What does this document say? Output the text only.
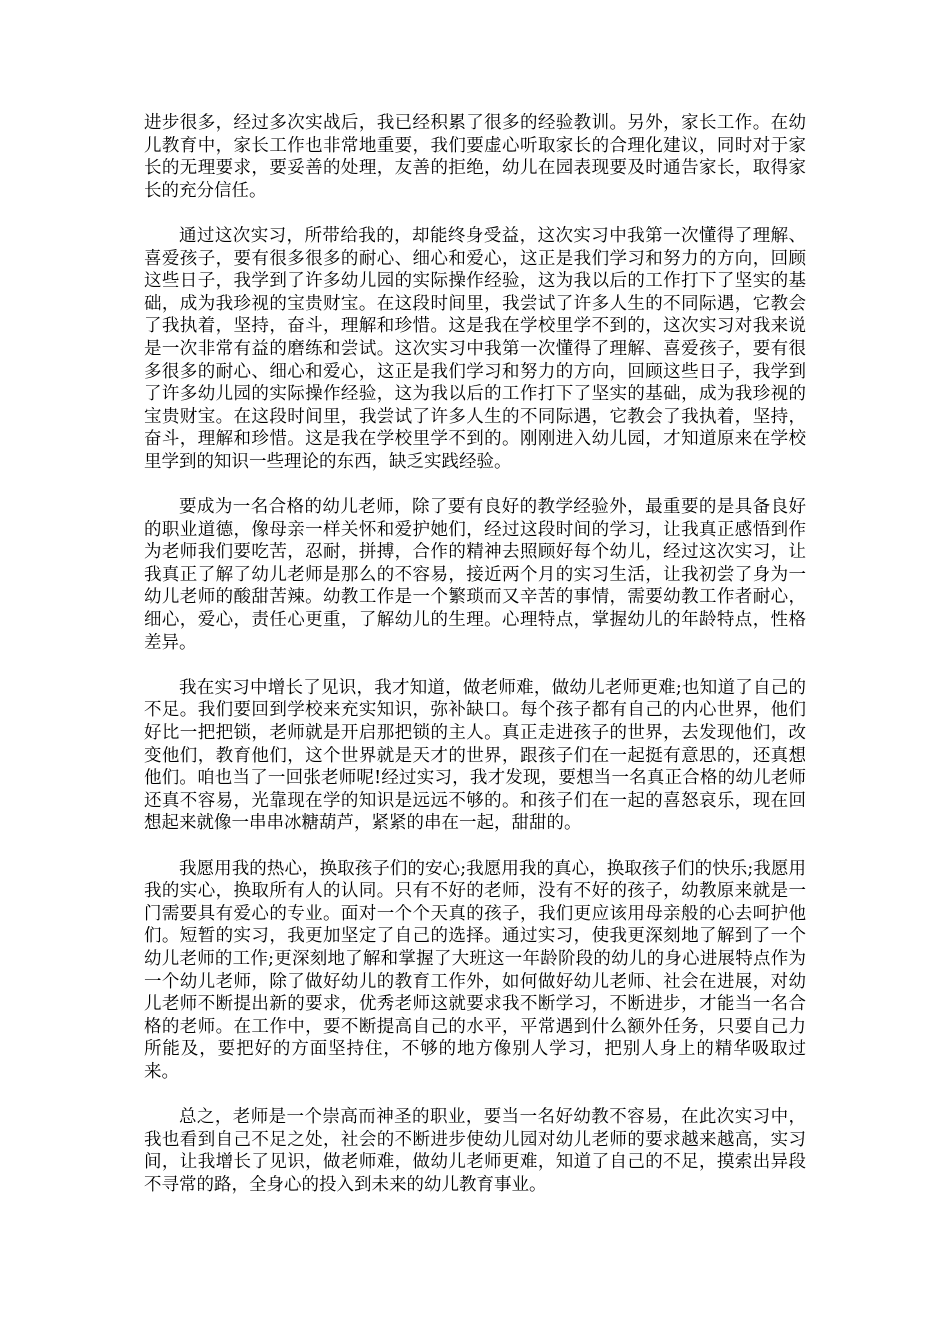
进步很多，经过多次实战后，我已经积累了很多的经验教训。另外，家长工作。在幼儿教育中，家长工作也非常地重要，我们要虚心听取家长的合理化建议，同时对于家长的无理要求，要妥善的处理，友善的拒绝，幼儿在园表现要及时通告家长，取得家长的充分信任。

通过这次实习，所带给我的，却能终身受益，这次实习中我第一次懂得了理解、喜爱孩子，要有很多很多的耐心、细心和爱心，这正是我们学习和努力的方向，回顾这些日子，我学到了许多幼儿园的实际操作经验，这为我以后的工作打下了坚实的基础，成为我珍视的宝贵财宝。在这段时间里，我尝试了许多人生的不同际遇，它教会了我执着，坚持，奋斗，理解和珍惜。这是我在学校里学不到的，这次实习对我来说是一次非常有益的磨练和尝试。这次实习中我第一次懂得了理解、喜爱孩子，要有很多很多的耐心、细心和爱心，这正是我们学习和努力的方向，回顾这些日子，我学到了许多幼儿园的实际操作经验，这为我以后的工作打下了坚实的基础，成为我珍视的宝贵财宝。在这段时间里，我尝试了许多人生的不同际遇，它教会了我执着，坚持，奋斗，理解和珍惜。这是我在学校里学不到的。刚刚进入幼儿园，才知道原来在学校里学到的知识一些理论的东西，缺乏实践经验。

要成为一名合格的幼儿老师，除了要有良好的教学经验外，最重要的是具备良好的职业道德，像母亲一样关怀和爱护她们，经过这段时间的学习，让我真正感悟到作为老师我们要吃苦，忍耐，拼搏，合作的精神去照顾好每个幼儿，经过这次实习，让我真正了解了幼儿老师是那么的不容易，接近两个月的实习生活，让我初尝了身为一幼儿老师的酸甜苦辣。幼教工作是一个繁琐而又辛苦的事情，需要幼教工作者耐心，细心，爱心，责任心更重，了解幼儿的生理。心理特点，掌握幼儿的年龄特点，性格差异。

我在实习中增长了见识，我才知道，做老师难，做幼儿老师更难;也知道了自己的不足。我们要回到学校来充实知识，弥补缺口。每个孩子都有自己的内心世界，他们好比一把把锁，老师就是开启那把锁的主人。真正走进孩子的世界，去发现他们，改变他们，教育他们，这个世界就是天才的世界，跟孩子们在一起挺有意思的，还真想他们。咱也当了一回张老师呢!经过实习，我才发现，要想当一名真正合格的幼儿老师还真不容易，光靠现在学的知识是远远不够的。和孩子们在一起的喜怒哀乐，现在回想起来就像一串串冰糖葫芦，紧紧的串在一起，甜甜的。

我愿用我的热心，换取孩子们的安心;我愿用我的真心，换取孩子们的快乐;我愿用我的实心，换取所有人的认同。只有不好的老师，没有不好的孩子，幼教原来就是一门需要具有爱心的专业。面对一个个天真的孩子，我们更应该用母亲般的心去呵护他们。短暂的实习，我更加坚定了自己的选择。通过实习，使我更深刻地了解到了一个幼儿老师的工作;更深刻地了解和掌握了大班这一年龄阶段的幼儿的身心进展特点作为一个幼儿老师，除了做好幼儿的教育工作外，如何做好幼儿老师、社会在进展，对幼儿老师不断提出新的要求，优秀老师这就要求我不断学习，不断进步，才能当一名合格的老师。在工作中，要不断提高自己的水平，平常遇到什么额外任务，只要自己力所能及，要把好的方面坚持住，不够的地方像别人学习，把别人身上的精华吸取过来。

总之，老师是一个崇高而神圣的职业，要当一名好幼教不容易，在此次实习中，我也看到自己不足之处，社会的不断进步使幼儿园对幼儿老师的要求越来越高，实习间，让我增长了见识，做老师难，做幼儿老师更难，知道了自己的不足，摸索出异段不寻常的路，全身心的投入到未来的幼儿教育事业。
